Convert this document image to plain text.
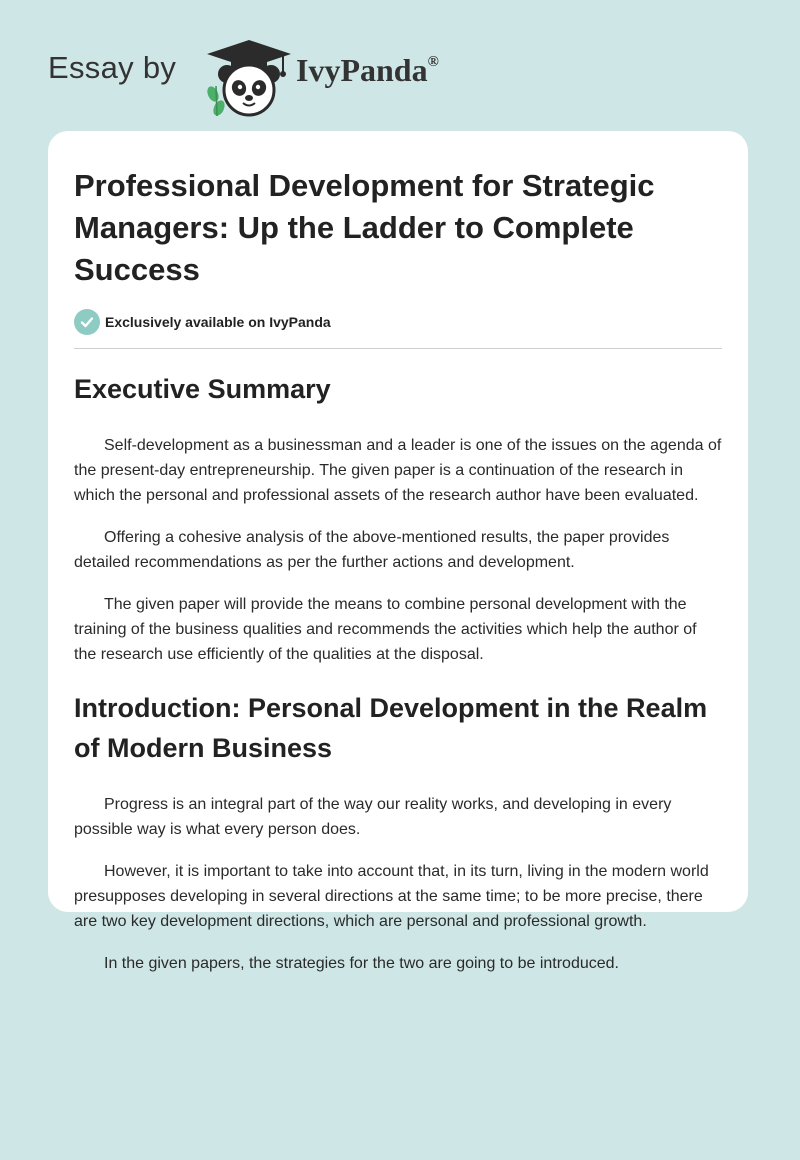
Essay by	IvyPanda®
Professional Development for Strategic Managers: Up the Ladder to Complete Success
Exclusively available on IvyPanda
Executive Summary

Self-development as a businessman and a leader is one of the issues on the agenda of the present-day entrepreneurship. The given paper is a continuation of the research in which the personal and professional assets of the research author have been evaluated.

Offering a cohesive analysis of the above-mentioned results, the paper provides detailed recommendations as per the further actions and development.

The given paper will provide the means to combine personal development with the training of the business qualities and recommends the activities which help the author of the research use efficiently of the qualities at the disposal.

Introduction: Personal Development in the Realm of Modern Business

Progress is an integral part of the way our reality works, and developing in every possible way is what every person does.

However, it is important to take into account that, in its turn, living in the modern world presupposes developing in several directions at the same time; to be more precise, there are two key development directions, which are personal and professional growth.

In the given papers, the strategies for the two are going to be introduced.
